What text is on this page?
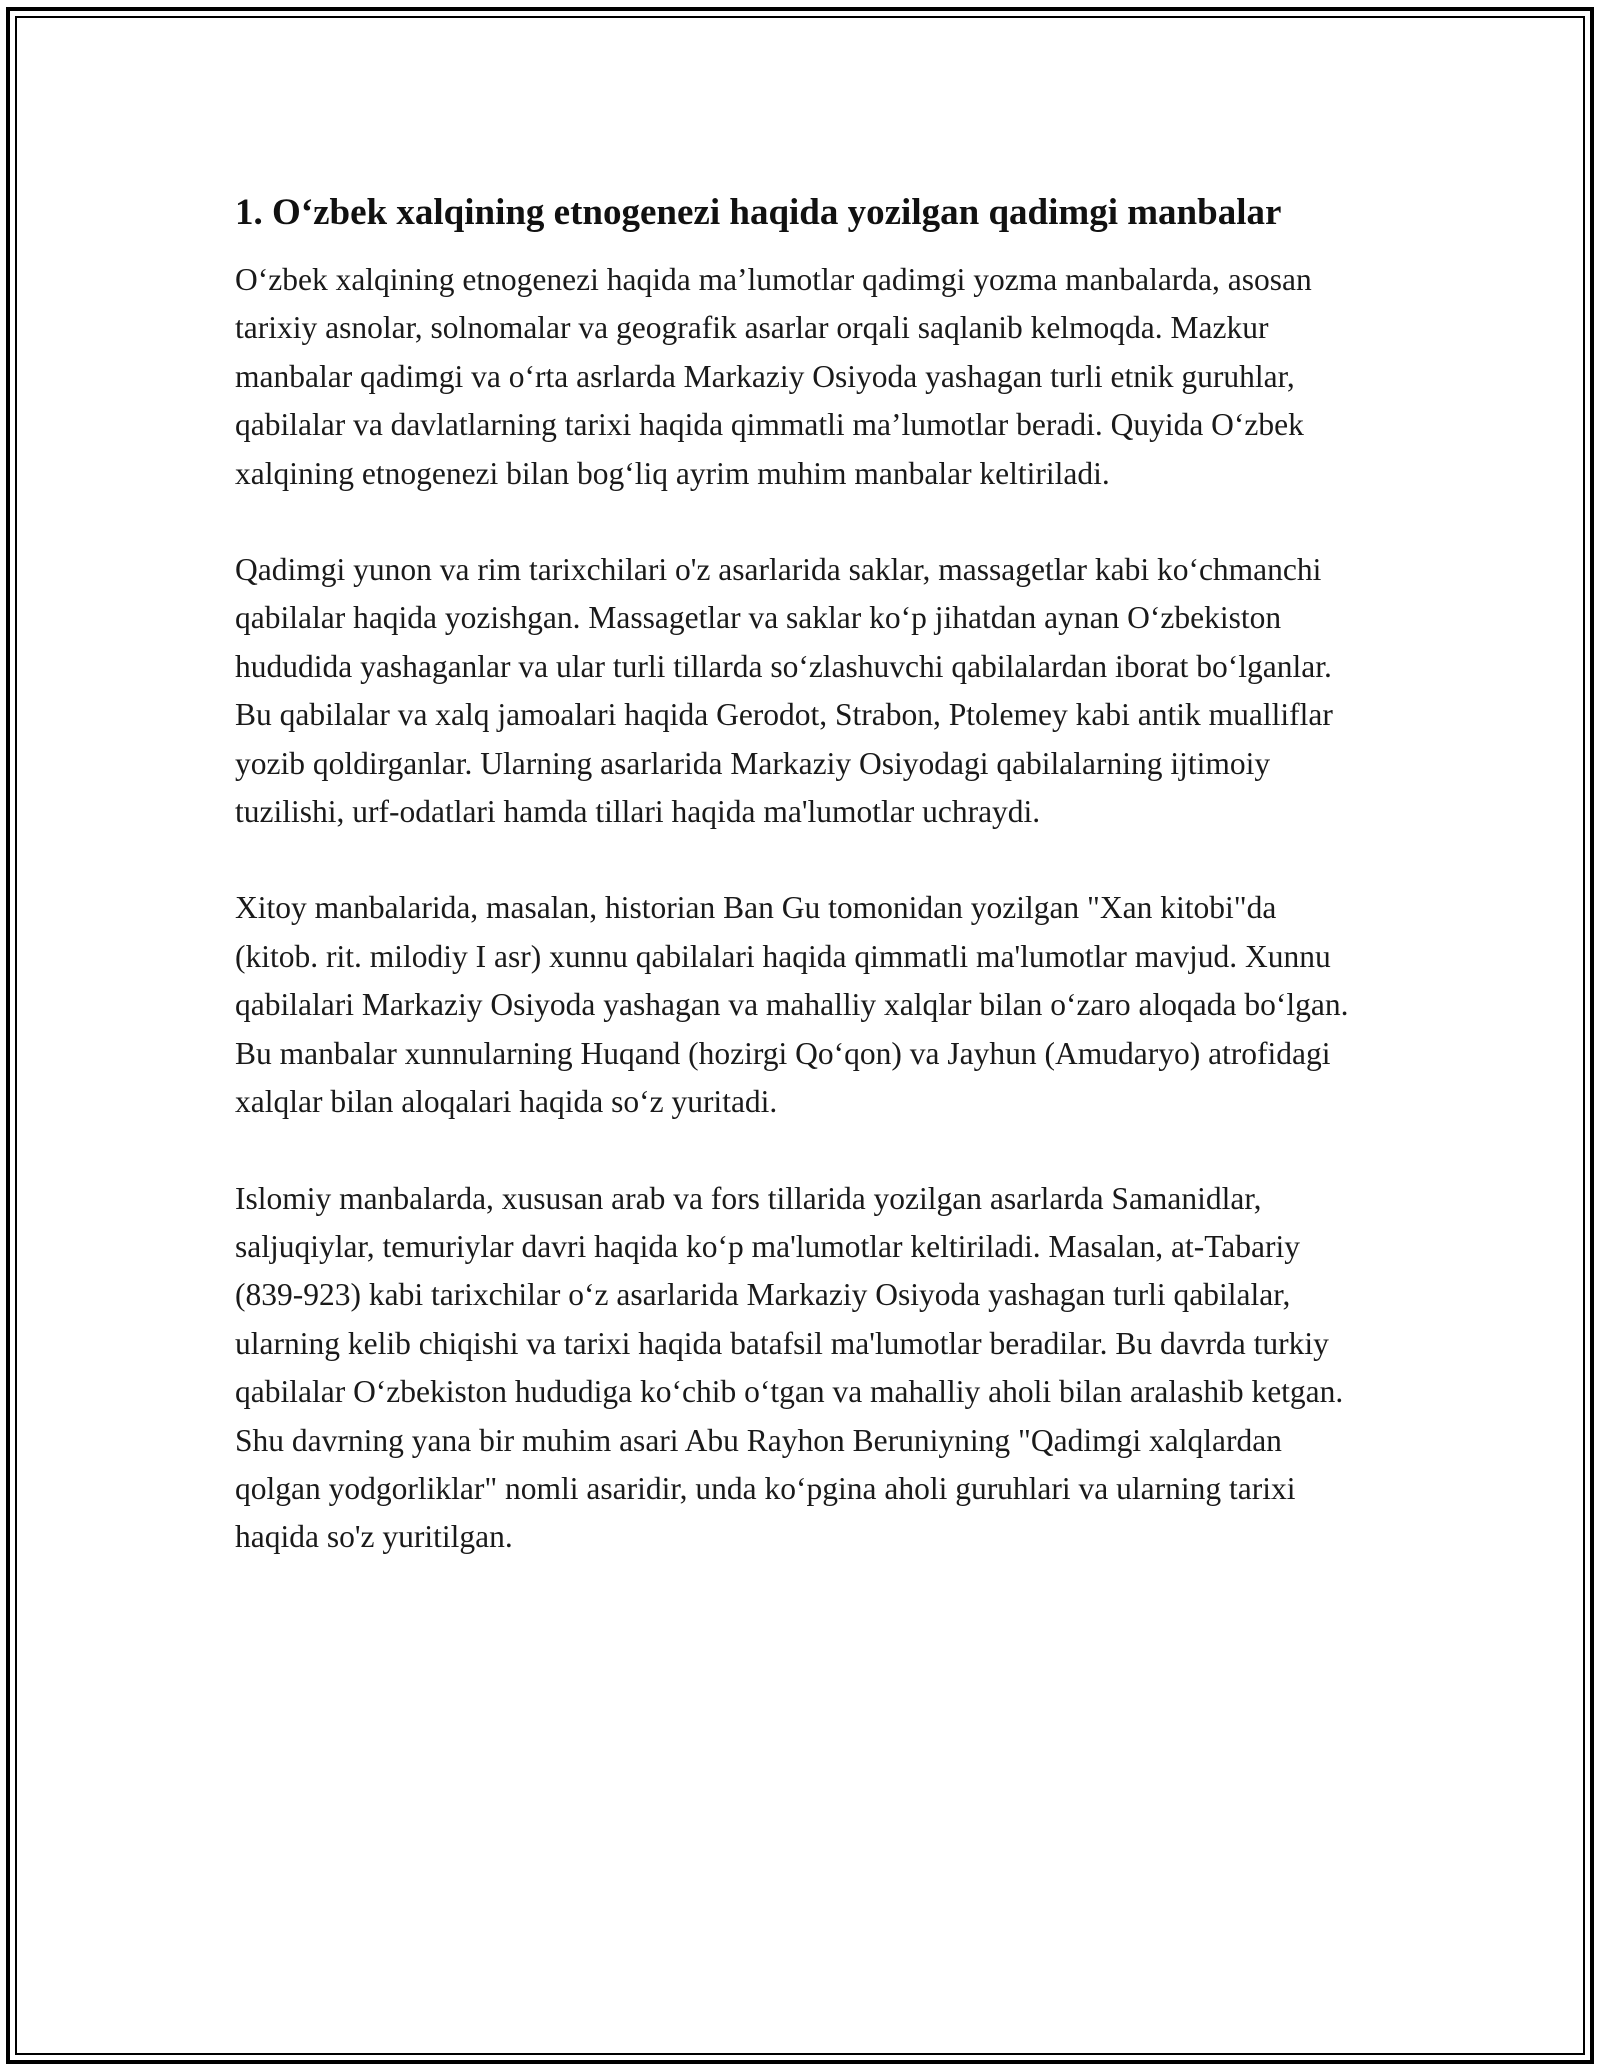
1. O‘zbek xalqining etnogenezi haqida yozilgan qadimgi manbalar

O‘zbek xalqining etnogenezi haqida ma’lumotlar qadimgi yozma manbalarda, asosan tarixiy asnolar, solnomalar va geografik asarlar orqali saqlanib kelmoqda. Mazkur manbalar qadimgi va o‘rta asrlarda Markaziy Osiyoda yashagan turli etnik guruhlar, qabilalar va davlatlarning tarixi haqida qimmatli ma’lumotlar beradi. Quyida O‘zbek xalqining etnogenezi bilan bog‘liq ayrim muhim manbalar keltiriladi.

Qadimgi yunon va rim tarixchilari o'z asarlarida saklar, massagetlar kabi ko‘chmanchi qabilalar haqida yozishgan. Massagetlar va saklar ko‘p jihatdan aynan O‘zbekiston hududida yashaganlar va ular turli tillarda so‘zlashuvchi qabilalardan iborat bo‘lganlar. Bu qabilalar va xalq jamoalari haqida Gerodot, Strabon, Ptolemey kabi antik mualliflar yozib qoldirganlar. Ularning asarlarida Markaziy Osiyodagi qabilalarning ijtimoiy tuzilishi, urf-odatlari hamda tillari haqida ma'lumotlar uchraydi.

Xitoy manbalarida, masalan, historian Ban Gu tomonidan yozilgan "Xan kitobi"da (kitob. rit. milodiy I asr) xunnu qabilalari haqida qimmatli ma'lumotlar mavjud. Xunnu qabilalari Markaziy Osiyoda yashagan va mahalliy xalqlar bilan o‘zaro aloqada bo‘lgan. Bu manbalar xunnularning Huqand (hozirgi Qo‘qon) va Jayhun (Amudaryo) atrofidagi xalqlar bilan aloqalari haqida so‘z yuritadi.

Islomiy manbalarda, xususan arab va fors tillarida yozilgan asarlarda Samanidlar, saljuqiylar, temuriylar davri haqida ko‘p ma'lumotlar keltiriladi. Masalan, at-Tabariy (839-923) kabi tarixchilar o‘z asarlarida Markaziy Osiyoda yashagan turli qabilalar, ularning kelib chiqishi va tarixi haqida batafsil ma'lumotlar beradilar. Bu davrda turkiy qabilalar O‘zbekiston hududiga ko‘chib o‘tgan va mahalliy aholi bilan aralashib ketgan. Shu davrning yana bir muhim asari Abu Rayhon Beruniyning "Qadimgi xalqlardan qolgan yodgorliklar" nomli asaridir, unda ko‘pgina aholi guruhlari va ularning tarixi haqida so'z yuritilgan.
